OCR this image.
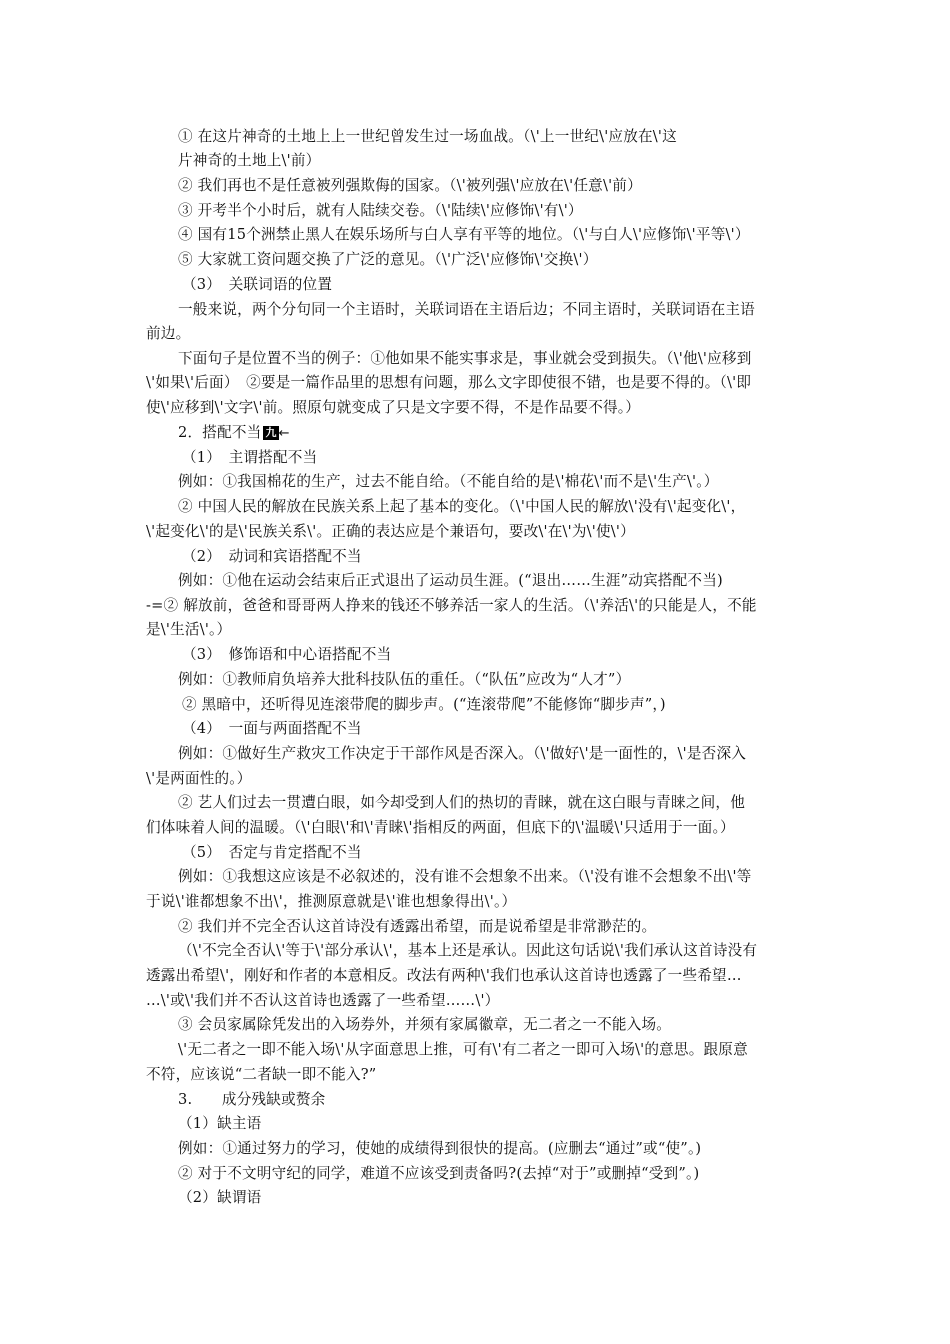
① 在这片神奇的土地上上一世纪曾发生过一场血战。（\'上一世纪\'应放在\'这
片神奇的土地上\'前）
② 我们再也不是任意被列强欺侮的国家。（\'被列强\'应放在\'任意\'前）
③ 开考半个小时后，就有人陆续交卷。（\'陆续\'应修饰\'有\'）
④ 国有15个洲禁止黑人在娱乐场所与白人享有平等的地位。（\'与白人\'应修饰\'平等\'）
⑤ 大家就工资问题交换了广泛的意见。（\'广泛\'应修饰\'交换\'）
（3）　关联词语的位置
一般来说，两个分句同一个主语时，关联词语在主语后边；不同主语时，关联词语在主语
前边。
下面句子是位置不当的例子：①他如果不能实事求是，事业就会受到损失。（\'他\'应移到
\'如果\'后面）　②要是一篇作品里的思想有问题，那么文字即使很不错，也是要不得的。（\'即
使\'应移到\'文字\'前。照原句就变成了只是文字要不得，不是作品要不得。）
2．搭配不当 九 ←
（1）　主谓搭配不当
例如：①我国棉花的生产，过去不能自给。（不能自给的是\'棉花\'而不是\'生产\'。）
② 中国人民的解放在民族关系上起了基本的变化。（\'中国人民的解放\'没有\'起变化\'，
\'起变化\'的是\'民族关系\'。正确的表达应是个兼语句，要改\'在\'为\'使\'）
（2）　动词和宾语搭配不当
例如：①他在运动会结束后正式退出了运动员生涯。(“退出……生涯”动宾搭配不当)
-=② 解放前，爸爸和哥哥两人挣来的钱还不够养活一家人的生活。（\'养活\'的只能是人，不能
是\'生活\'。）
（3）　修饰语和中心语搭配不当
例如：①教师肩负培养大批科技队伍的重任。（“队伍”应改为“人才”）
② 黑暗中，还听得见连滚带爬的脚步声。(“连滚带爬”不能修饰“脚步声”，)
（4）　一面与两面搭配不当
例如：①做好生产救灾工作决定于干部作风是否深入。（\'做好\'是一面性的，\'是否深入
\'是两面性的。）
② 艺人们过去一贯遭白眼，如今却受到人们的热切的青睐，就在这白眼与青睐之间，他
们体味着人间的温暖。（\'白眼\'和\'青睐\'指相反的两面，但底下的\'温暖\'只适用于一面。）
（5）　否定与肯定搭配不当
例如：①我想这应该是不必叙述的，没有谁不会想象不出来。（\'没有谁不会想象不出\'等
于说\'谁都想象不出\'，推测原意就是\'谁也想象得出\'。）
② 我们并不完全否认这首诗没有透露出希望，而是说希望是非常渺茫的。
（\'不完全否认\'等于\'部分承认\'，基本上还是承认。因此这句话说\'我们承认这首诗没有
透露出希望\'，刚好和作者的本意相反。改法有两种\'我们也承认这首诗也透露了一些希望…
…\'或\'我们并不否认这首诗也透露了一些希望……\'）
③ 会员家属除凭发出的入场券外，并须有家属徽章，无二者之一不能入场。
\'无二者之一即不能入场\'从字面意思上推，可有\'有二者之一即可入场\'的意思。跟原意
不符，应该说“二者缺一即不能入?”
3.　　成分残缺或赘余
（1）缺主语
例如：①通过努力的学习，使她的成绩得到很快的提高。(应删去“通过”或“使”。)
② 对于不文明守纪的同学，难道不应该受到责备吗?(去掉“对于”或删掉“受到”。)
（2）缺谓语
